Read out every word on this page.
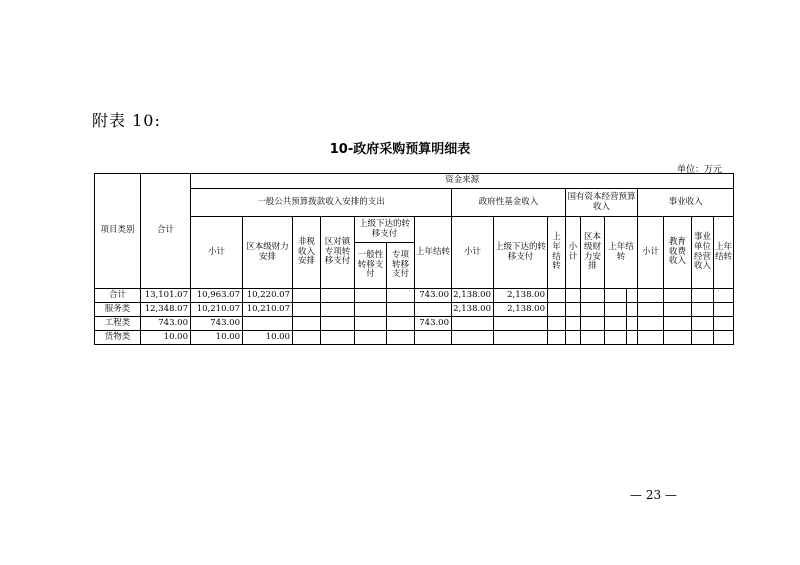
附表 10:
10-政府采购预算明细表
单位：万元
项目类别	合计	资金来源																		
		一般公共预算拨款收入安排的支出							政府性基金收入			国有资本经营预算收入				事业收入	
		小计	区本级财力安排	非税收入安排	区对镇专项转移支付	上级下达的转移支付		上年结转	小计	上级下达的转移支付	上年结转	小计	区本级财力安排	上年结转		小计	教育收费收入	事业单位经营收入	上年结转	
						一般性转移支付	专项转移支付													
合计	13,101.07	10,963.07	10,220.07					743.00	2,138.00	2,138.00										
服务类	12,348.07	10,210.07	10,210.07						2,138.00	2,138.00										
工程类	743.00	743.00						743.00												
货物类	10.00	10.00	10.00																	
— 23 —
